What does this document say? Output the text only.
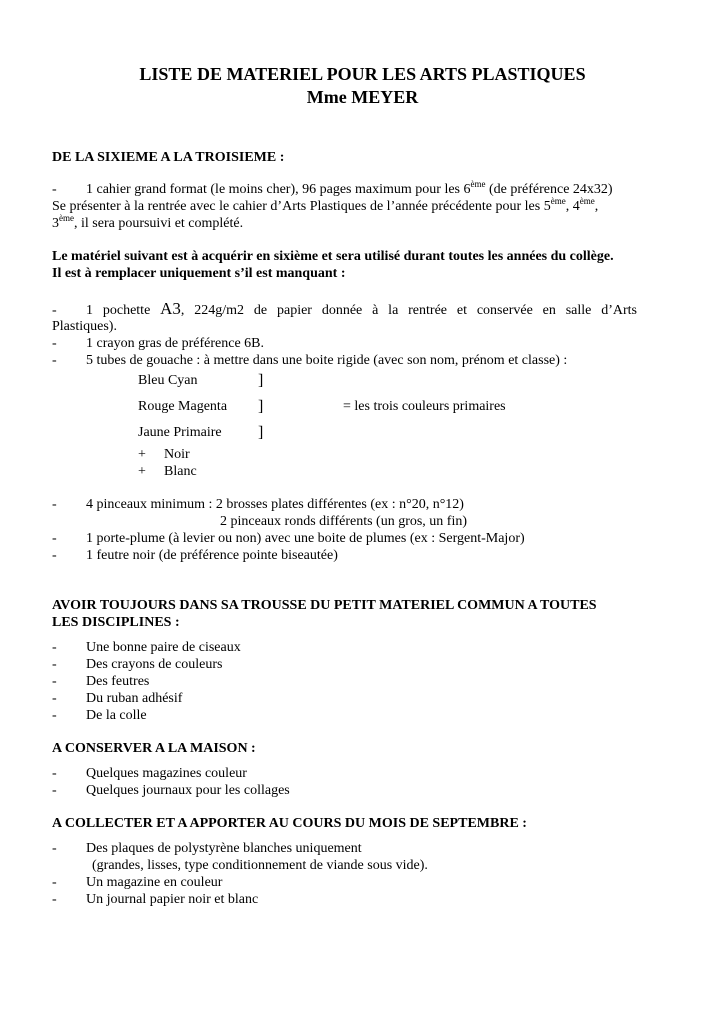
LISTE DE MATERIEL POUR LES ARTS PLASTIQUES
Mme MEYER
DE LA SIXIEME A LA TROISIEME :
- 1 cahier grand format (le moins cher), 96 pages maximum pour les 6ème (de préférence 24x32)
Se présenter à la rentrée avec le cahier d’Arts Plastiques de l’année précédente pour les 5ème, 4ème,
3ème, il sera poursuivi et complété.
Le matériel suivant est à acquérir en sixième et sera utilisé durant toutes les années du collège.
Il est à remplacer uniquement s’il est manquant :
- 1 pochette A3, 224g/m2 de papier donnée à la rentrée et conservée en salle d’Arts
Plastiques).
- 1 crayon gras de préférence 6B.
- 5 tubes de gouache : à mettre dans une boite rigide (avec son nom, prénom et classe) :
Bleu Cyan	]
Rouge Magenta ]	= les trois couleurs primaires
Jaune Primaire ]
+ Noir
+ Blanc
- 4 pinceaux minimum : 2 brosses plates différentes (ex : n°20, n°12)
2 pinceaux ronds différents (un gros, un fin)
- 1 porte-plume (à levier ou non) avec une boite de plumes (ex : Sergent-Major)
- 1 feutre noir (de préférence pointe biseautée)
AVOIR TOUJOURS DANS SA TROUSSE DU PETIT MATERIEL COMMUN A TOUTES
LES DISCIPLINES :
- Une bonne paire de ciseaux
- Des crayons de couleurs
- Des feutres
- Du ruban adhésif
- De la colle
A CONSERVER A LA MAISON :
- Quelques magazines couleur
- Quelques journaux pour les collages
A COLLECTER ET A APPORTER AU COURS DU MOIS DE SEPTEMBRE :
- Des plaques de polystyrène blanches uniquement
(grandes, lisses, type conditionnement de viande sous vide).
- Un magazine en couleur
- Un journal papier noir et blanc
